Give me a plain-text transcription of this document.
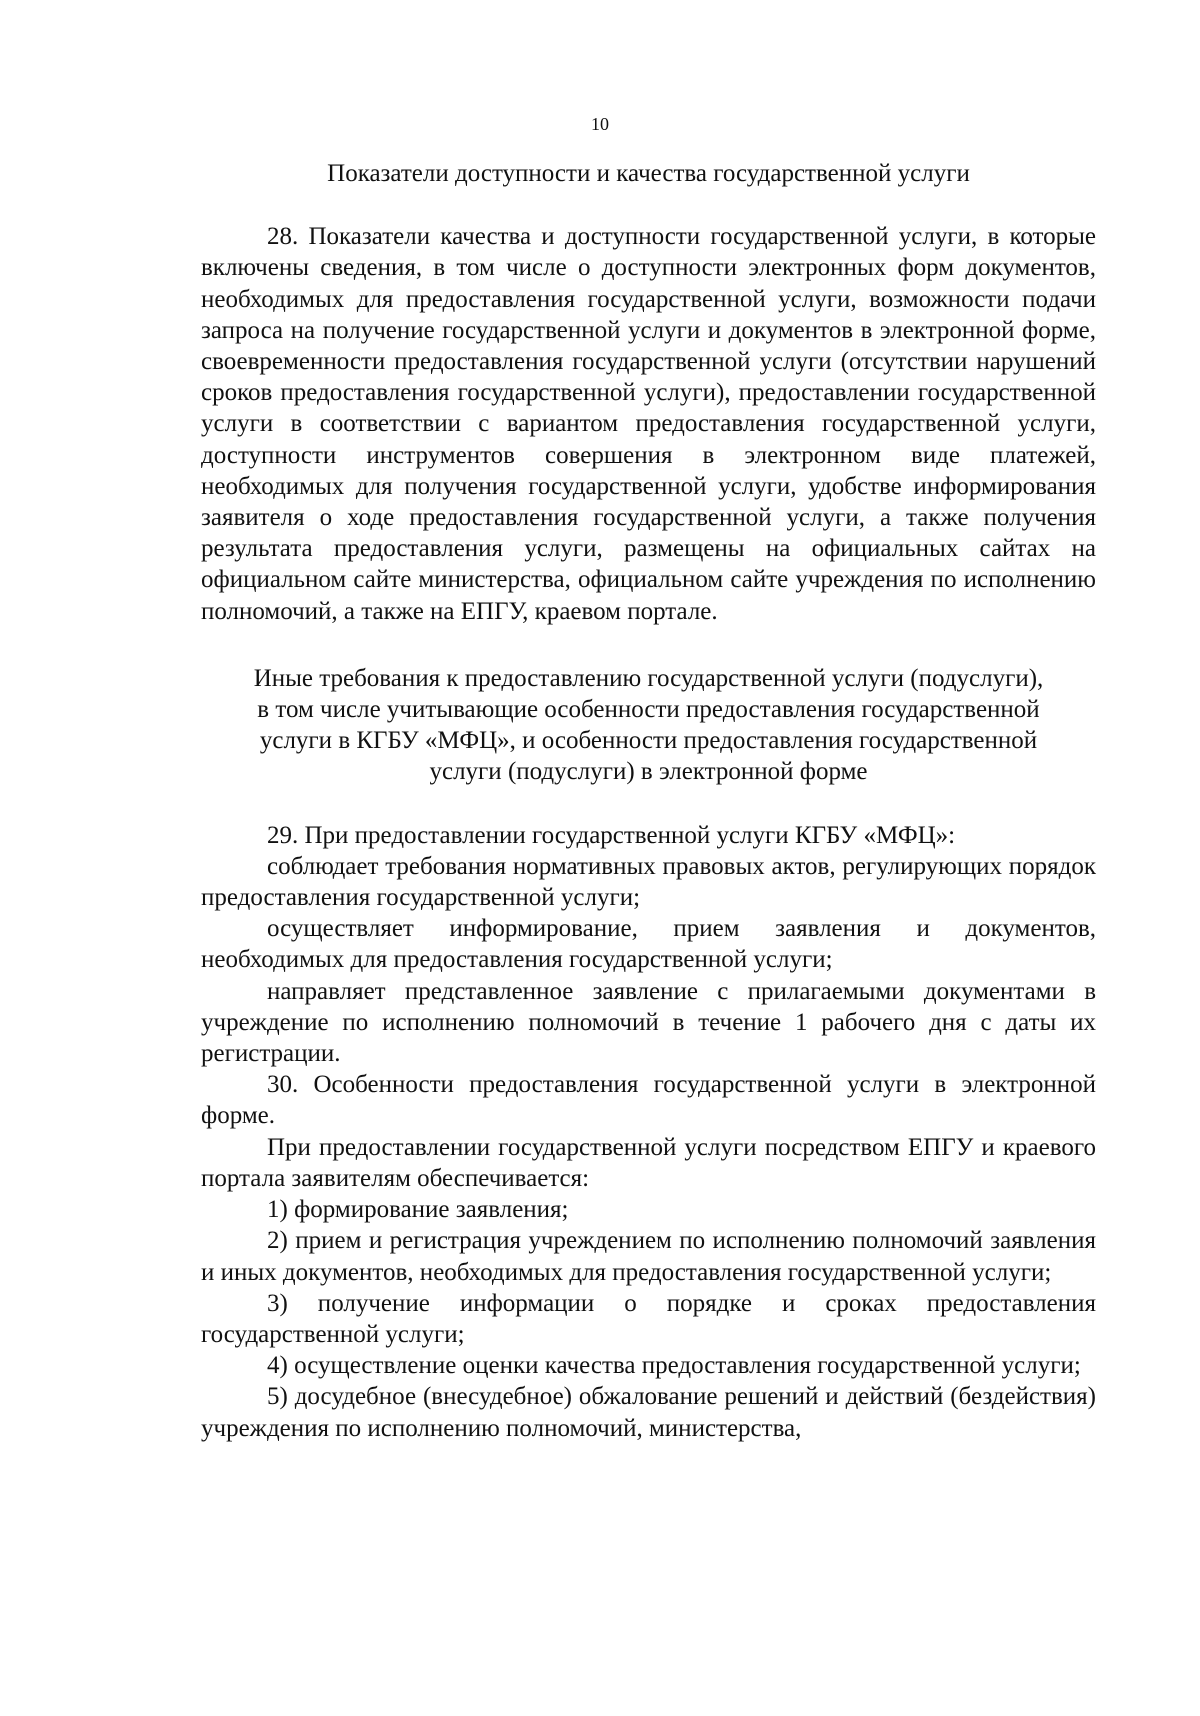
10

Показатели доступности и качества государственной услуги

28. Показатели качества и доступности государственной услуги, в которые включены сведения, в том числе о доступности электронных форм документов, необходимых для предоставления государственной услуги, возможности подачи запроса на получение государственной услуги и документов в электронной форме, своевременности предоставления государственной услуги (отсутствии нарушений сроков предоставления государственной услуги), предоставлении государственной услуги в соответствии с вариантом предоставления государственной услуги, доступности инструментов совершения в электронном виде платежей, необходимых для получения государственной услуги, удобстве информирования заявителя о ходе предоставления государственной услуги, а также получения результата предоставления услуги, размещены на официальных сайтах на официальном сайте министерства, официальном сайте учреждения по исполнению полномочий, а также на ЕПГУ, краевом портале.

Иные требования к предоставлению государственной услуги (подуслуги),
в том числе учитывающие особенности предоставления государственной
услуги в КГБУ «МФЦ», и особенности предоставления государственной
услуги (подуслуги) в электронной форме

29. При предоставлении государственной услуги КГБУ «МФЦ»:

соблюдает требования нормативных правовых актов, регулирующих порядок предоставления государственной услуги;

осуществляет информирование, прием заявления и документов, необходимых для предоставления государственной услуги;

направляет представленное заявление с прилагаемыми документами в учреждение по исполнению полномочий в течение 1 рабочего дня с даты их регистрации.

30. Особенности предоставления государственной услуги в электронной форме.

При предоставлении государственной услуги посредством ЕПГУ и краевого портала заявителям обеспечивается:

1) формирование заявления;

2) прием и регистрация учреждением по исполнению полномочий заявления и иных документов, необходимых для предоставления государственной услуги;

3) получение информации о порядке и сроках предоставления государственной услуги;

4) осуществление оценки качества предоставления государственной услуги;

5) досудебное (внесудебное) обжалование решений и действий (бездействия) учреждения по исполнению полномочий, министерства,
